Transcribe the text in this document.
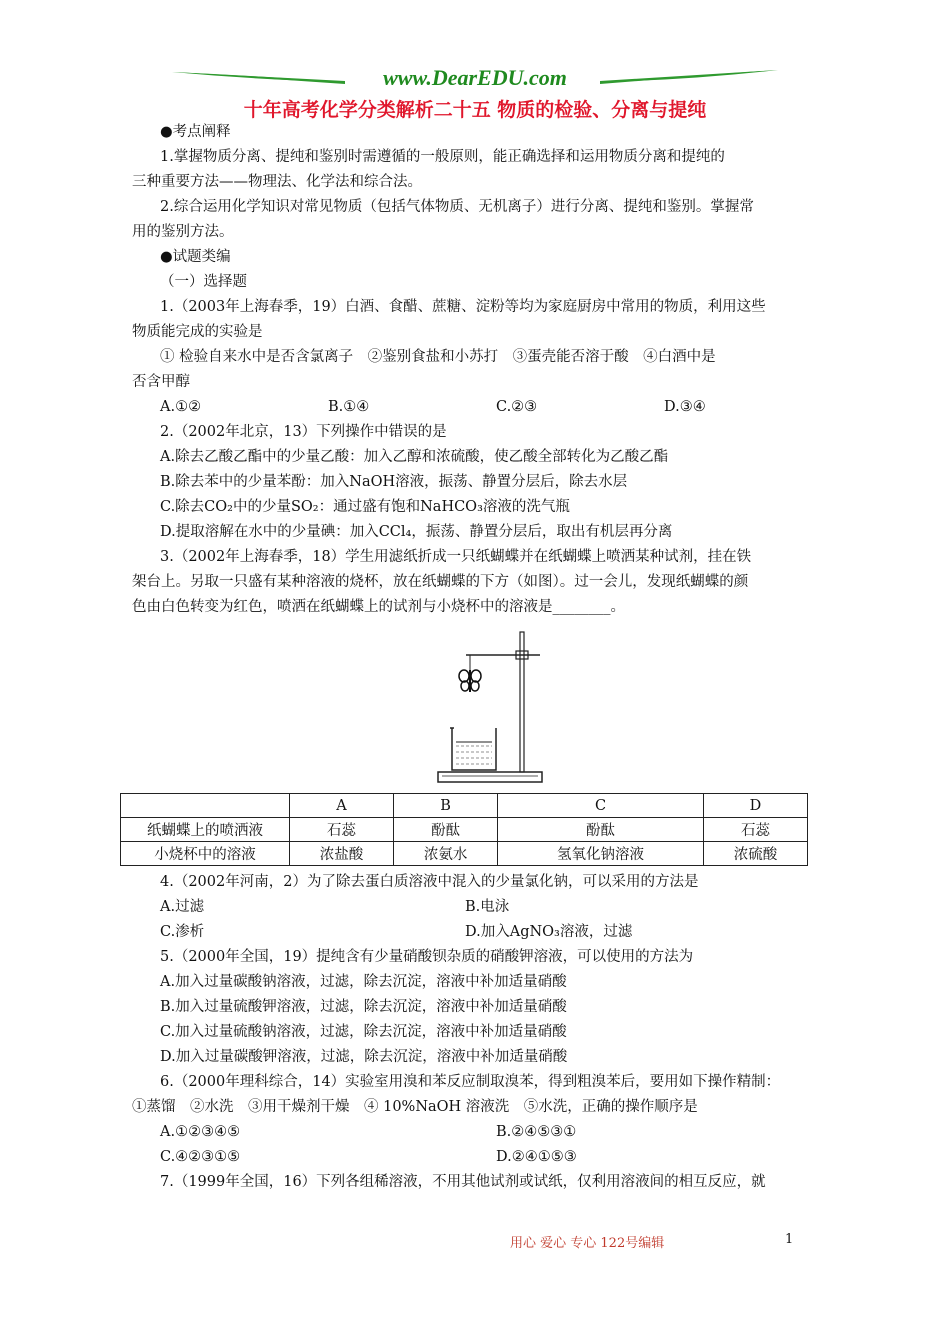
www.DearEDU.com
十年高考化学分类解析二十五 物质的检验、分离与提纯
●考点阐释
1.掌握物质分离、提纯和鉴别时需遵循的一般原则，能正确选择和运用物质分离和提纯的
三种重要方法——物理法、化学法和综合法。
2.综合运用化学知识对常见物质（包括气体物质、无机离子）进行分离、提纯和鉴别。掌握常
用的鉴别方法。
●试题类编
（一）选择题
1.（2003年上海春季，19）白酒、食醋、蔗糖、淀粉等均为家庭厨房中常用的物质，利用这些
物质能完成的实验是
① 检验自来水中是否含氯离子　②鉴别食盐和小苏打　③蛋壳能否溶于酸　④白酒中是
否含甲醇
A.①②	B.①④	C.②③	D.③④
2.（2002年北京，13）下列操作中错误的是
A.除去乙酸乙酯中的少量乙酸：加入乙醇和浓硫酸，使乙酸全部转化为乙酸乙酯
B.除去苯中的少量苯酚：加入NaOH溶液，振荡、静置分层后，除去水层
C.除去CO₂中的少量SO₂：通过盛有饱和NaHCO₃溶液的洗气瓶
D.提取溶解在水中的少量碘：加入CCl₄，振荡、静置分层后，取出有机层再分离
3.（2002年上海春季，18）学生用滤纸折成一只纸蝴蝶并在纸蝴蝶上喷洒某种试剂，挂在铁
架台上。另取一只盛有某种溶液的烧杯，放在纸蝴蝶的下方（如图）。过一会儿，发现纸蝴蝶的颜
色由白色转变为红色，喷洒在纸蝴蝶上的试剂与小烧杯中的溶液是________。
	A	B	C	D
纸蝴蝶上的喷洒液	石蕊	酚酞	酚酞	石蕊
小烧杯中的溶液	浓盐酸	浓氨水	氢氧化钠溶液	浓硫酸
4.（2002年河南，2）为了除去蛋白质溶液中混入的少量氯化钠，可以采用的方法是
A.过滤	B.电泳
C.渗析	D.加入AgNO₃溶液，过滤
5.（2000年全国，19）提纯含有少量硝酸钡杂质的硝酸钾溶液，可以使用的方法为
A.加入过量碳酸钠溶液，过滤，除去沉淀，溶液中补加适量硝酸
B.加入过量硫酸钾溶液，过滤，除去沉淀，溶液中补加适量硝酸
C.加入过量硫酸钠溶液，过滤，除去沉淀，溶液中补加适量硝酸
D.加入过量碳酸钾溶液，过滤，除去沉淀，溶液中补加适量硝酸
6.（2000年理科综合，14）实验室用溴和苯反应制取溴苯，得到粗溴苯后，要用如下操作精制：
①蒸馏　②水洗　③用干燥剂干燥　④ 10%NaOH 溶液洗　⑤水洗，正确的操作顺序是
A.①②③④⑤	B.②④⑤③①
C.④②③①⑤	D.②④①⑤③
7.（1999年全国，16）下列各组稀溶液，不用其他试剂或试纸，仅利用溶液间的相互反应，就
用心 爱心 专心 122号编辑	1
